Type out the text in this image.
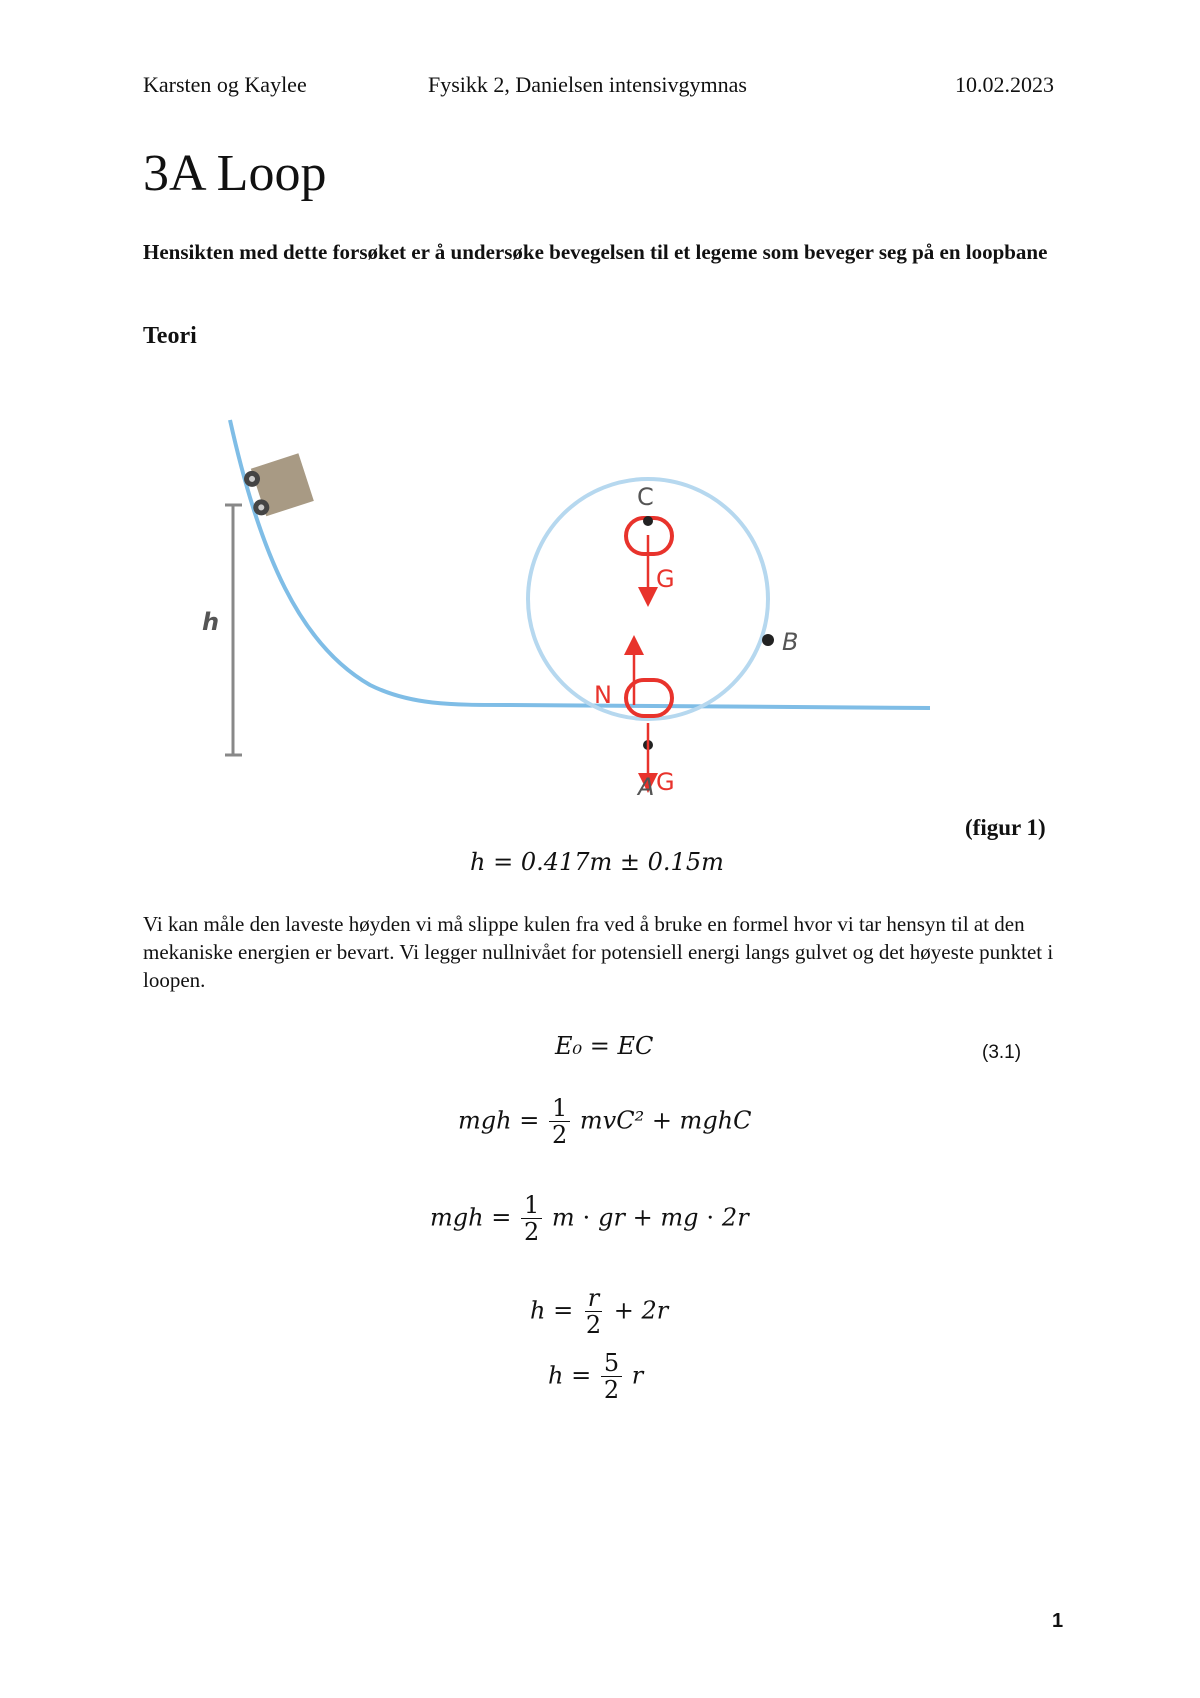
Karsten og Kaylee	Fysikk 2, Danielsen intensivgymnas	10.02.2023
3A Loop
Hensikten med dette forsøket er å undersøke bevegelsen til et legeme som beveger seg på en loopbane
Teori
h
C
G
B
N
A G
(figur 1)
ℎ = 0.417𝑚 ± 0.15𝑚
Vi kan måle den laveste høyden vi må slippe kulen fra ved å bruke en formel hvor vi tar hensyn til at den mekaniske energien er bevart. Vi legger nullnivået for potensiell energi langs gulvet og det høyeste punktet i loopen.
𝐸₀ = 𝐸𝐶	(3.1)
𝑚𝑔ℎ = $\frac{1}{2}$ 𝑚𝑣𝐶² + 𝑚𝑔ℎ𝐶
𝑚𝑔ℎ = $\frac{1}{2}$ 𝑚 ⋅ 𝑔𝑟 + 𝑚𝑔 ⋅ 2𝑟
ℎ = $\frac{\text{𝑟}}{2}$ + 2𝑟
ℎ = $\frac{5}{2}$ 𝑟
1
